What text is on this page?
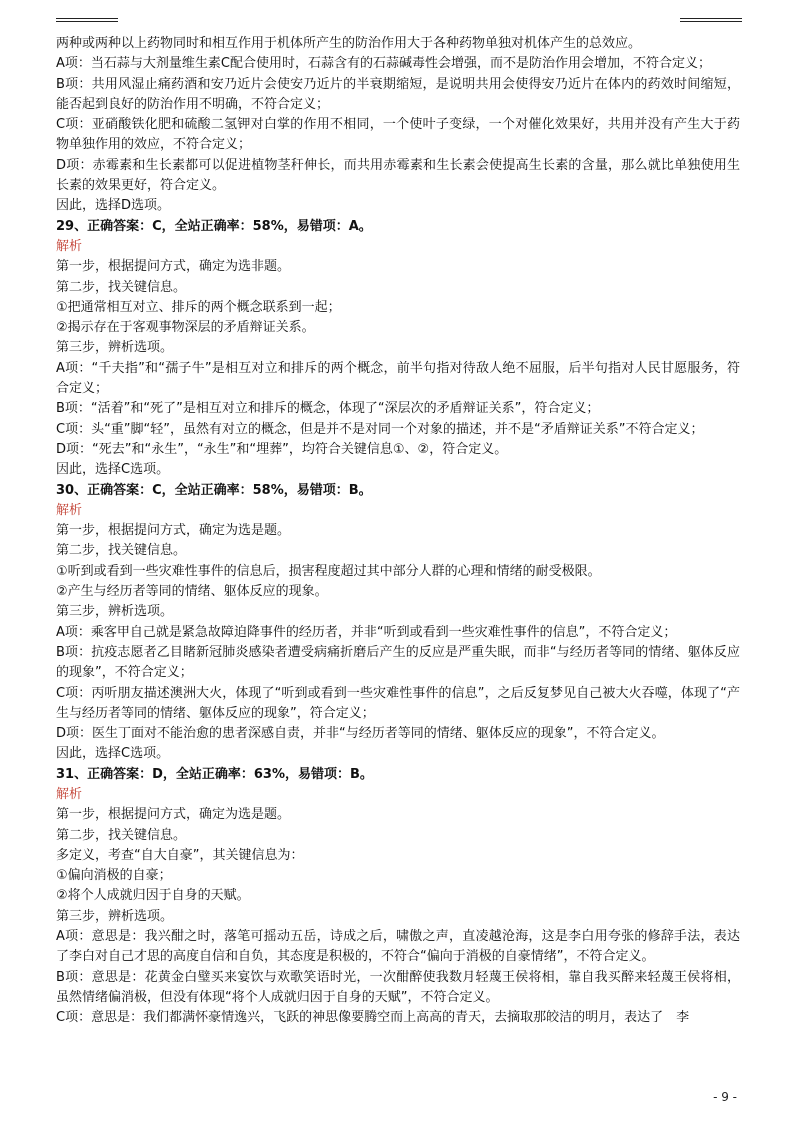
两种或两种以上药物同时和相互作用于机体所产生的防治作用大于各种药物单独对机体产生的总效应。

A项：当石蒜与大剂量维生素C配合使用时，石蒜含有的石蒜碱毒性会增强，而不是防治作用会增加，不符合定义；

B项：共用风湿止痛药酒和安乃近片会使安乃近片的半衰期缩短，是说明共用会使得安乃近片在体内的药效时间缩短，能否起到良好的防治作用不明确，不符合定义；

C项：亚硝酸铁化肥和硫酸二氢钾对白掌的作用不相同，一个使叶子变绿，一个对催化效果好，共用并没有产生大于药物单独作用的效应，不符合定义；

D项：赤霉素和生长素都可以促进植物茎秆伸长，而共用赤霉素和生长素会使提高生长素的含量，那么就比单独使用生长素的效果更好，符合定义。

因此，选择D选项。

29、正确答案：C，全站正确率：58%，易错项：A。

解析

第一步，根据提问方式，确定为选非题。

第二步，找关键信息。

①把通常相互对立、排斥的两个概念联系到一起；

②揭示存在于客观事物深层的矛盾辩证关系。

第三步，辨析选项。

A项：“千夫指”和“孺子牛”是相互对立和排斥的两个概念，前半句指对待敌人绝不屈服，后半句指对人民甘愿服务，符合定义；

B项：“活着”和“死了”是相互对立和排斥的概念，体现了“深层次的矛盾辩证关系”，符合定义；

C项：头“重”脚“轻”，虽然有对立的概念，但是并不是对同一个对象的描述，并不是“矛盾辩证关系”不符合定义；

D项：“死去”和“永生”，“永生”和“埋葬”，均符合关键信息①、②，符合定义。

因此，选择C选项。

30、正确答案：C，全站正确率：58%，易错项：B。

解析

第一步，根据提问方式，确定为选是题。

第二步，找关键信息。

①听到或看到一些灾难性事件的信息后，损害程度超过其中部分人群的心理和情绪的耐受极限。

②产生与经历者等同的情绪、躯体反应的现象。

第三步，辨析选项。

A项：乘客甲自己就是紧急故障迫降事件的经历者，并非“听到或看到一些灾难性事件的信息”，不符合定义；

B项：抗疫志愿者乙目睹新冠肺炎感染者遭受病痛折磨后产生的反应是严重失眠，而非“与经历者等同的情绪、躯体反应的现象”，不符合定义；

C项：丙听朋友描述澳洲大火，体现了“听到或看到一些灾难性事件的信息”，之后反复梦见自己被大火吞噬，体现了“产生与经历者等同的情绪、躯体反应的现象”，符合定义；

D项：医生丁面对不能治愈的患者深感自责，并非“与经历者等同的情绪、躯体反应的现象”，不符合定义。

因此，选择C选项。

31、正确答案：D，全站正确率：63%，易错项：B。

解析

第一步，根据提问方式，确定为选是题。

第二步，找关键信息。

多定义，考查“自大自豪”，其关键信息为：

①偏向消极的自豪；

②将个人成就归因于自身的天赋。

第三步，辨析选项。

A项：意思是：我兴酣之时，落笔可摇动五岳，诗成之后，啸傲之声，直凌越沧海，这是李白用夸张的修辞手法，表达了李白对自己才思的高度自信和自负，其态度是积极的，不符合“偏向于消极的自豪情绪”，不符合定义。

B项：意思是：花黄金白璧买来宴饮与欢歌笑语时光，一次酣醉使我数月轻蔑王侯将相，靠自我买醉来轻蔑王侯将相，虽然情绪偏消极，但没有体现“将个人成就归因于自身的天赋”，不符合定义。

C项：意思是：我们都满怀豪情逸兴，飞跃的神思像要腾空而上高高的青天，去摘取那皎洁的明月，表达了　李

- 9 -
